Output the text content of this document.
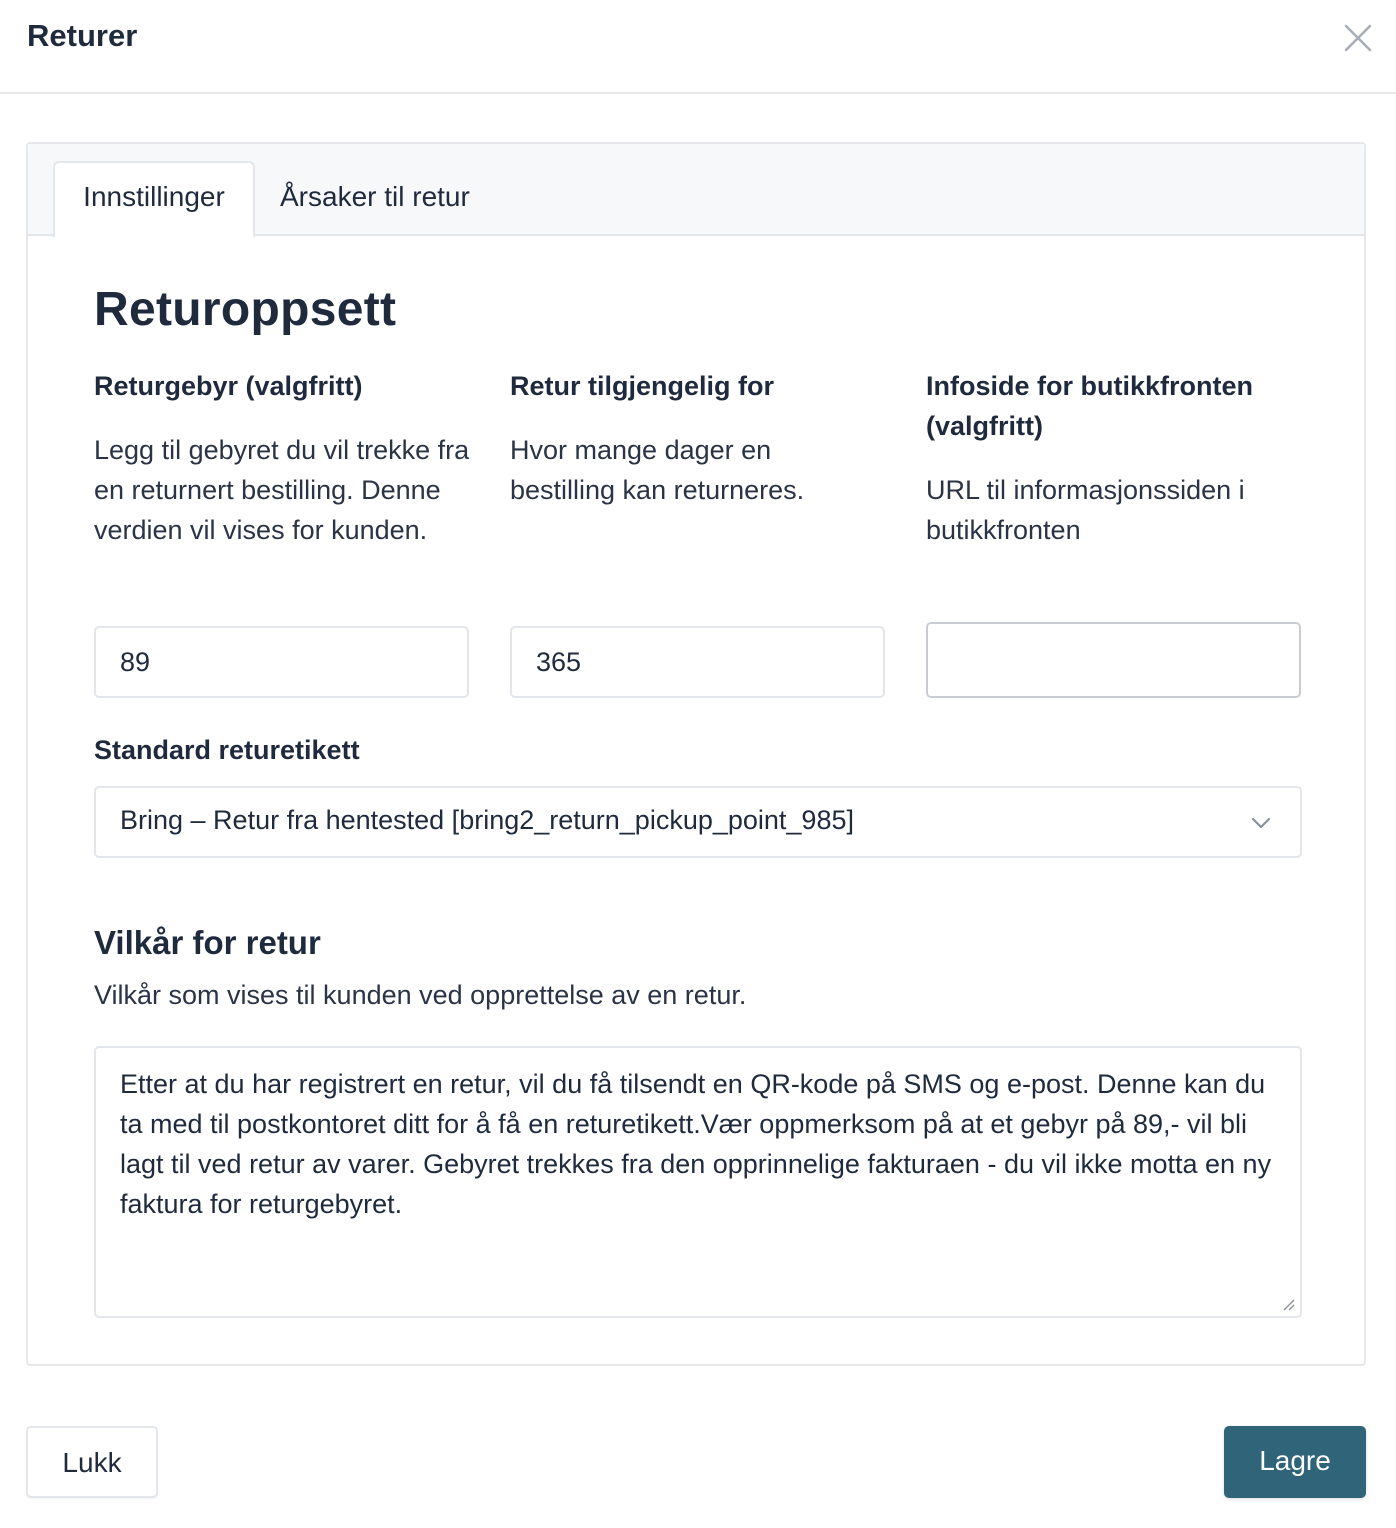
Returer
Innstillinger	Årsaker til retur
Returoppsett
Returgebyr (valgfritt)
Legg til gebyret du vil trekke fra en returnert bestilling. Denne verdien vil vises for kunden.
89
Retur tilgjengelig for
Hvor mange dager en bestilling kan returneres.
365
Infoside for butikkfronten (valgfritt)
URL til informasjonssiden i butikkfronten
Standard returetikett
Bring – Retur fra hentested [bring2_return_pickup_point_985]
Vilkår for retur
Vilkår som vises til kunden ved opprettelse av en retur.
Etter at du har registrert en retur, vil du få tilsendt en QR-kode på SMS og e-post. Denne kan du ta med til postkontoret ditt for å få en returetikett.Vær oppmerksom på at et gebyr på 89,- vil bli lagt til ved retur av varer. Gebyret trekkes fra den opprinnelige fakturaen - du vil ikke motta en ny faktura for returgebyret.
Lukk	Lagre
